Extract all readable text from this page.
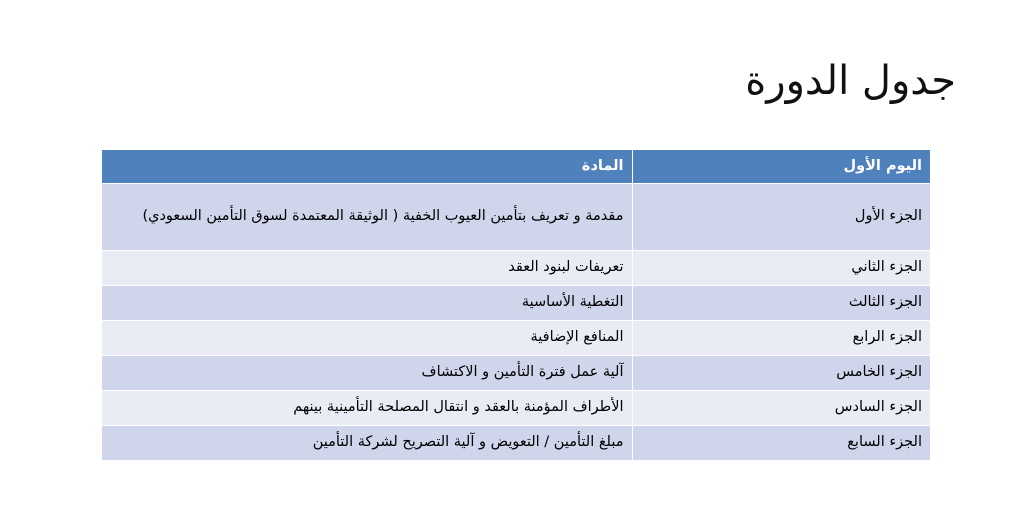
جدول الدورة
اليوم الأول	المادة

الجزء الأول	مقدمة و تعريف بتأمين العيوب الخفية ( الوثيقة المعتمدة لسوق التأمين السعودي)

الجزء الثاني	تعريفات لبنود العقد

الجزء الثالث	التغطية الأساسية

الجزء الرابع	المنافع الإضافية

الجزء الخامس	آلية عمل فترة التأمين و الاكتشاف

الجزء السادس	الأطراف المؤمنة بالعقد و انتقال المصلحة التأمينية بينهم

الجزء السابع	مبلغ التأمين / التعويض و آلية التصريح لشركة التأمين
